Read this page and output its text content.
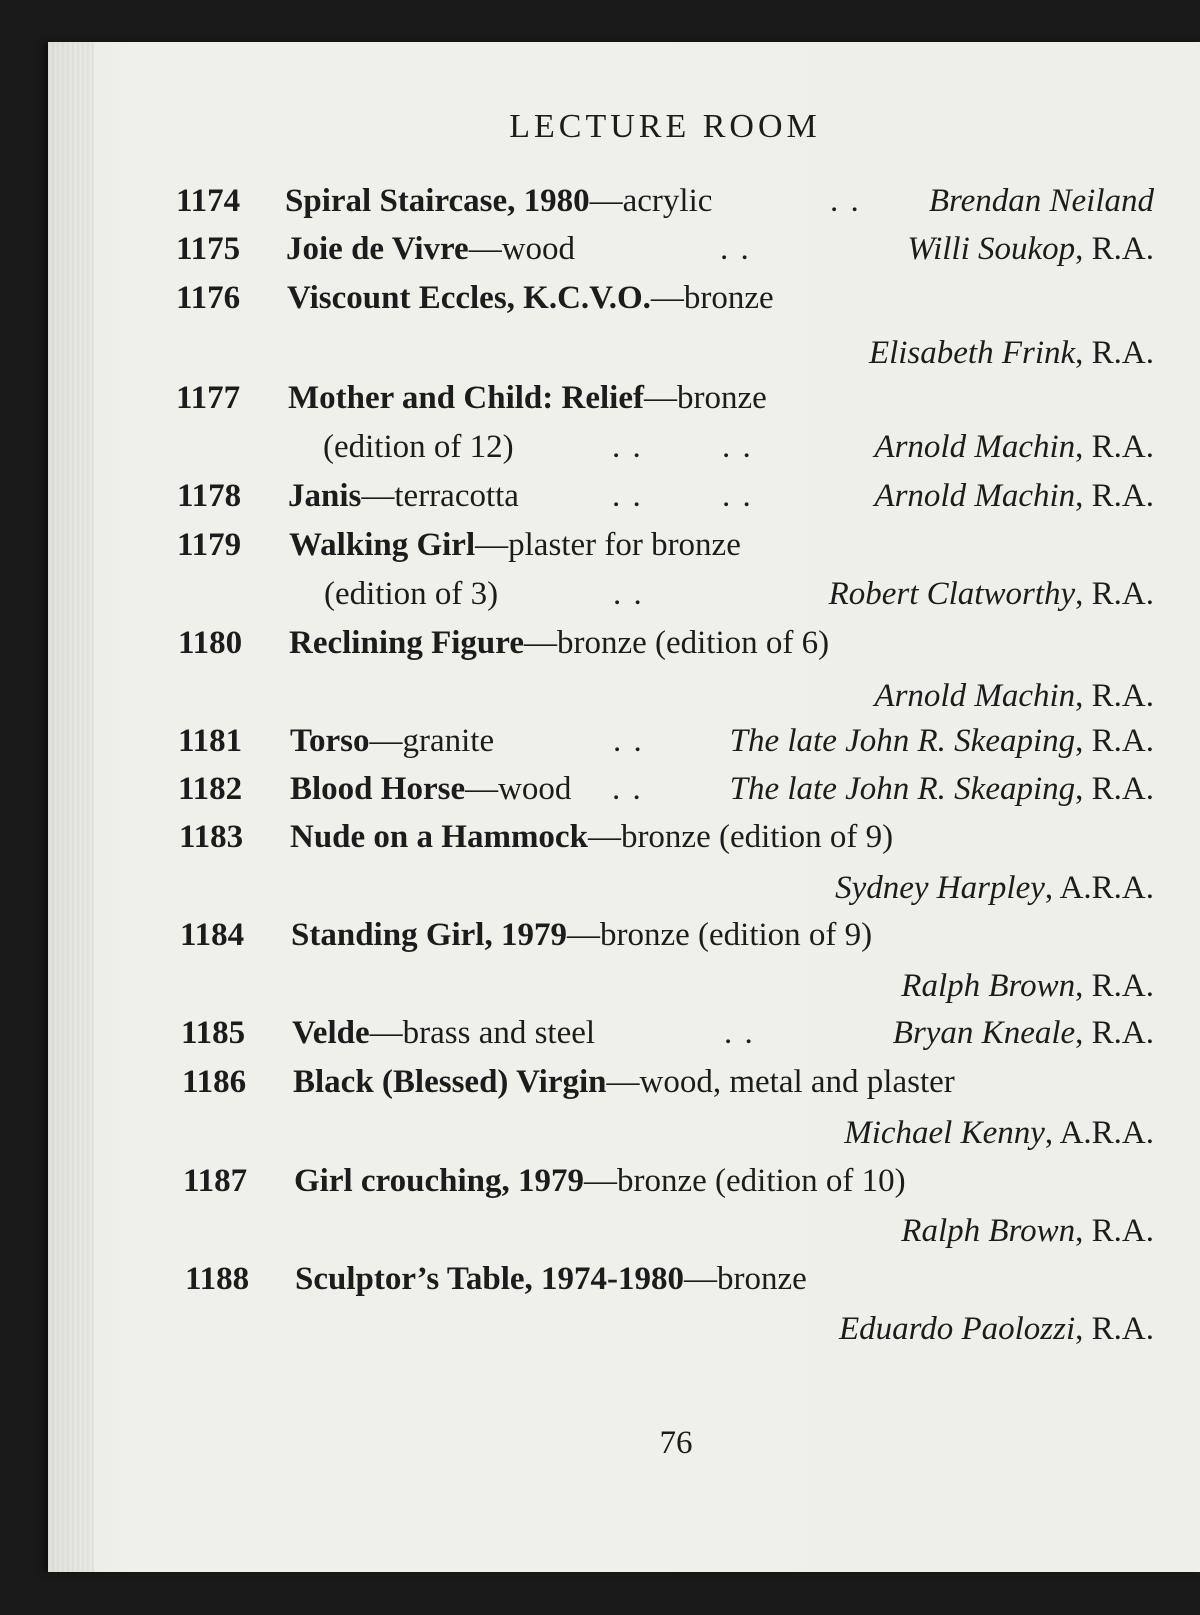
LECTURE ROOM
1174 Spiral Staircase, 1980—acrylic	. . Brendan Neiland
1175 Joie de Vivre—wood	. .	Willi Soukop, R.A.
1176 Viscount Eccles, K.C.V.O.—bronze
Elisabeth Frink, R.A.
1177 Mother and Child: Relief—bronze
(edition of 12)	. . . .	Arnold Machin, R.A.
1178 Janis—terracotta	. . . .	Arnold Machin, R.A.
1179 Walking Girl—plaster for bronze
(edition of 3)	. .	Robert Clatworthy, R.A.
1180 Reclining Figure—bronze (edition of 6)
Arnold Machin, R.A.
1181 Torso—granite	. .	The late John R. Skeaping, R.A.
1182 Blood Horse—wood . .	The late John R. Skeaping, R.A.
1183 Nude on a Hammock—bronze (edition of 9)
Sydney Harpley, A.R.A.
1184 Standing Girl, 1979—bronze (edition of 9)
Ralph Brown, R.A.
1185 Velde—brass and steel	. .	Bryan Kneale, R.A.
1186 Black (Blessed) Virgin—wood, metal and plaster
Michael Kenny, A.R.A.
1187 Girl crouching, 1979—bronze (edition of 10)
Ralph Brown, R.A.
1188 Sculptor’s Table, 1974-1980—bronze
Eduardo Paolozzi, R.A.
76
